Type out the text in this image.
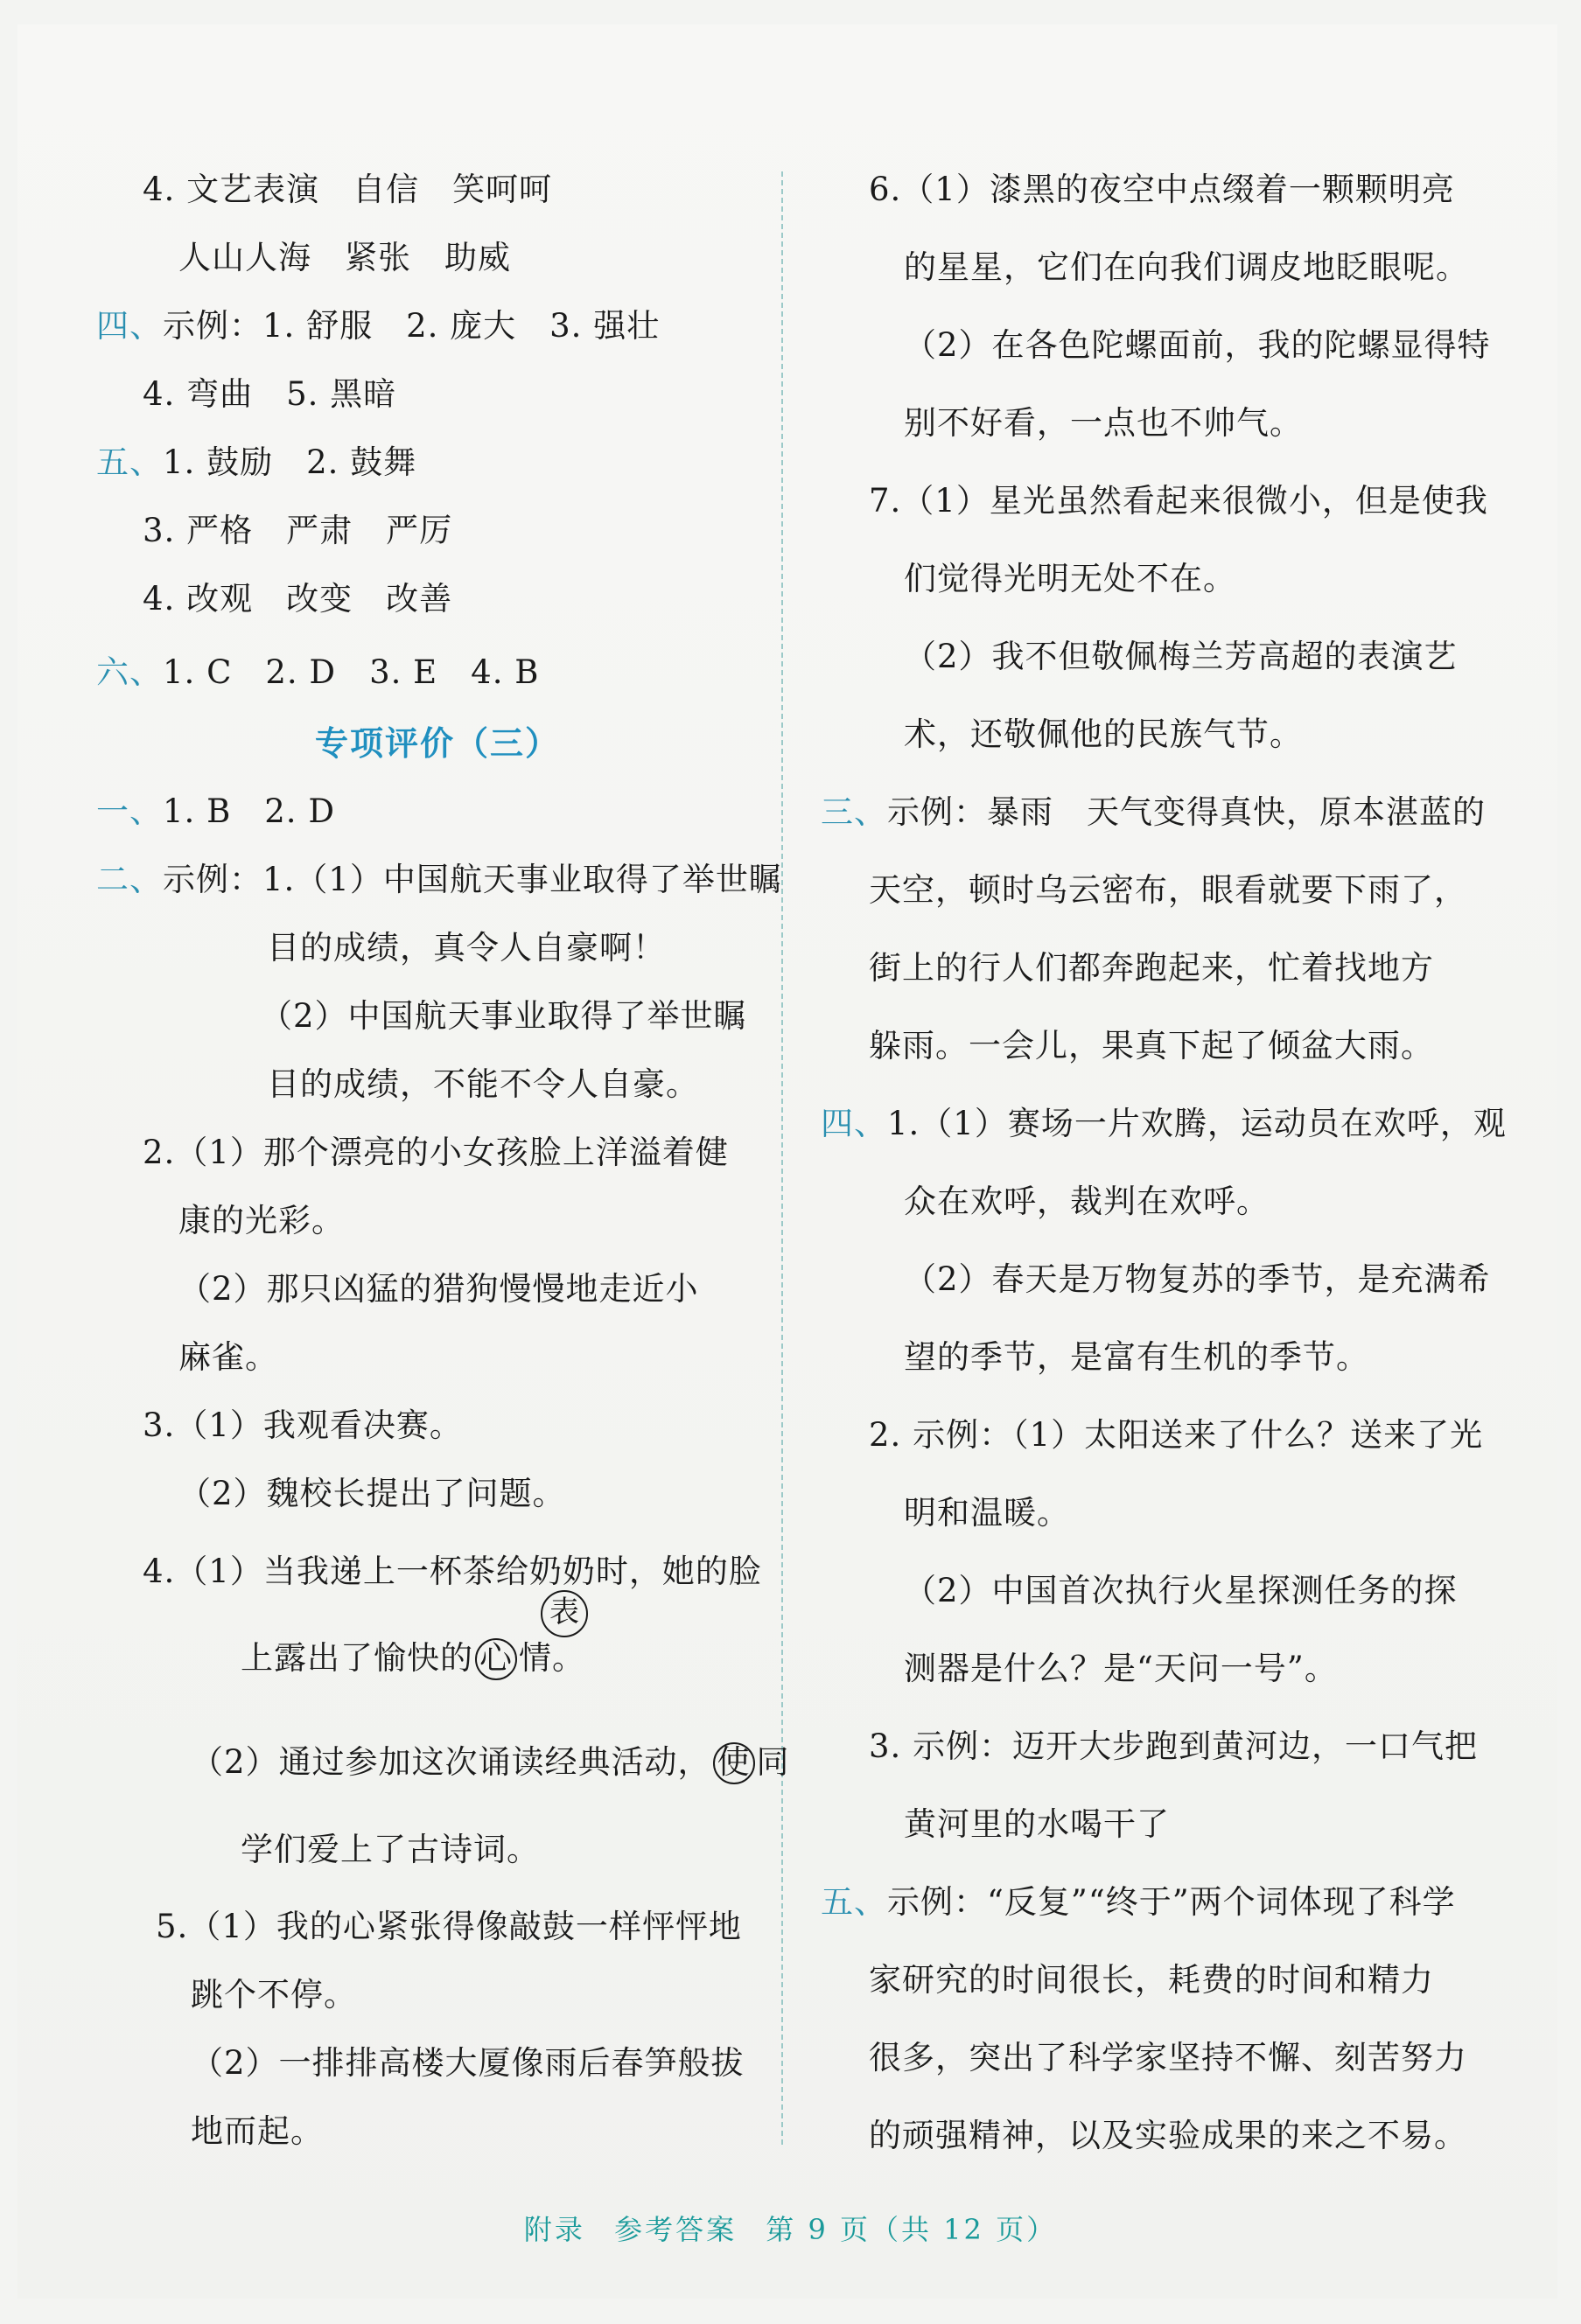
4. 文艺表演　自信　笑呵呵
人山人海　紧张　助威
四、示例：1. 舒服　2. 庞大　3. 强壮
4. 弯曲　5. 黑暗
五、1. 鼓励　2. 鼓舞
3. 严格　严肃　严厉
4. 改观　改变　改善
六、1. C　2. D　3. E　4. B
专项评价（三）
一、1. B　2. D
二、示例：1.（1）中国航天事业取得了举世瞩
目的成绩，真令人自豪啊！
（2）中国航天事业取得了举世瞩
目的成绩，不能不令人自豪。
2.（1）那个漂亮的小女孩脸上洋溢着健
康的光彩。
（2）那只凶猛的猎狗慢慢地走近小
麻雀。
3.（1）我观看决赛。
（2）魏校长提出了问题。
4.（1）当我递上一杯茶给奶奶时，她的脸
表
上露出了愉快的 心 情。
（2）通过参加这次诵读经典活动， 使 同
学们爱上了古诗词。
5.（1）我的心紧张得像敲鼓一样怦怦地
跳个不停。
（2）一排排高楼大厦像雨后春笋般拔
地而起。
6.（1）漆黑的夜空中点缀着一颗颗明亮
的星星，它们在向我们调皮地眨眼呢。
（2）在各色陀螺面前，我的陀螺显得特
别不好看，一点也不帅气。
7.（1）星光虽然看起来很微小，但是使我
们觉得光明无处不在。
（2）我不但敬佩梅兰芳高超的表演艺
术，还敬佩他的民族气节。
三、示例：暴雨　天气变得真快，原本湛蓝的
天空，顿时乌云密布，眼看就要下雨了，
街上的行人们都奔跑起来，忙着找地方
躲雨。一会儿，果真下起了倾盆大雨。
四、1.（1）赛场一片欢腾，运动员在欢呼，观
众在欢呼，裁判在欢呼。
（2）春天是万物复苏的季节，是充满希
望的季节，是富有生机的季节。
2. 示例：（1）太阳送来了什么？送来了光
明和温暖。
（2）中国首次执行火星探测任务的探
测器是什么？是“天问一号”。
3. 示例：迈开大步跑到黄河边，一口气把
黄河里的水喝干了
五、示例：“反复”“终于”两个词体现了科学
家研究的时间很长，耗费的时间和精力
很多，突出了科学家坚持不懈、刻苦努力
的顽强精神，以及实验成果的来之不易。
附录 参考答案 第 9 页（共 12 页）
